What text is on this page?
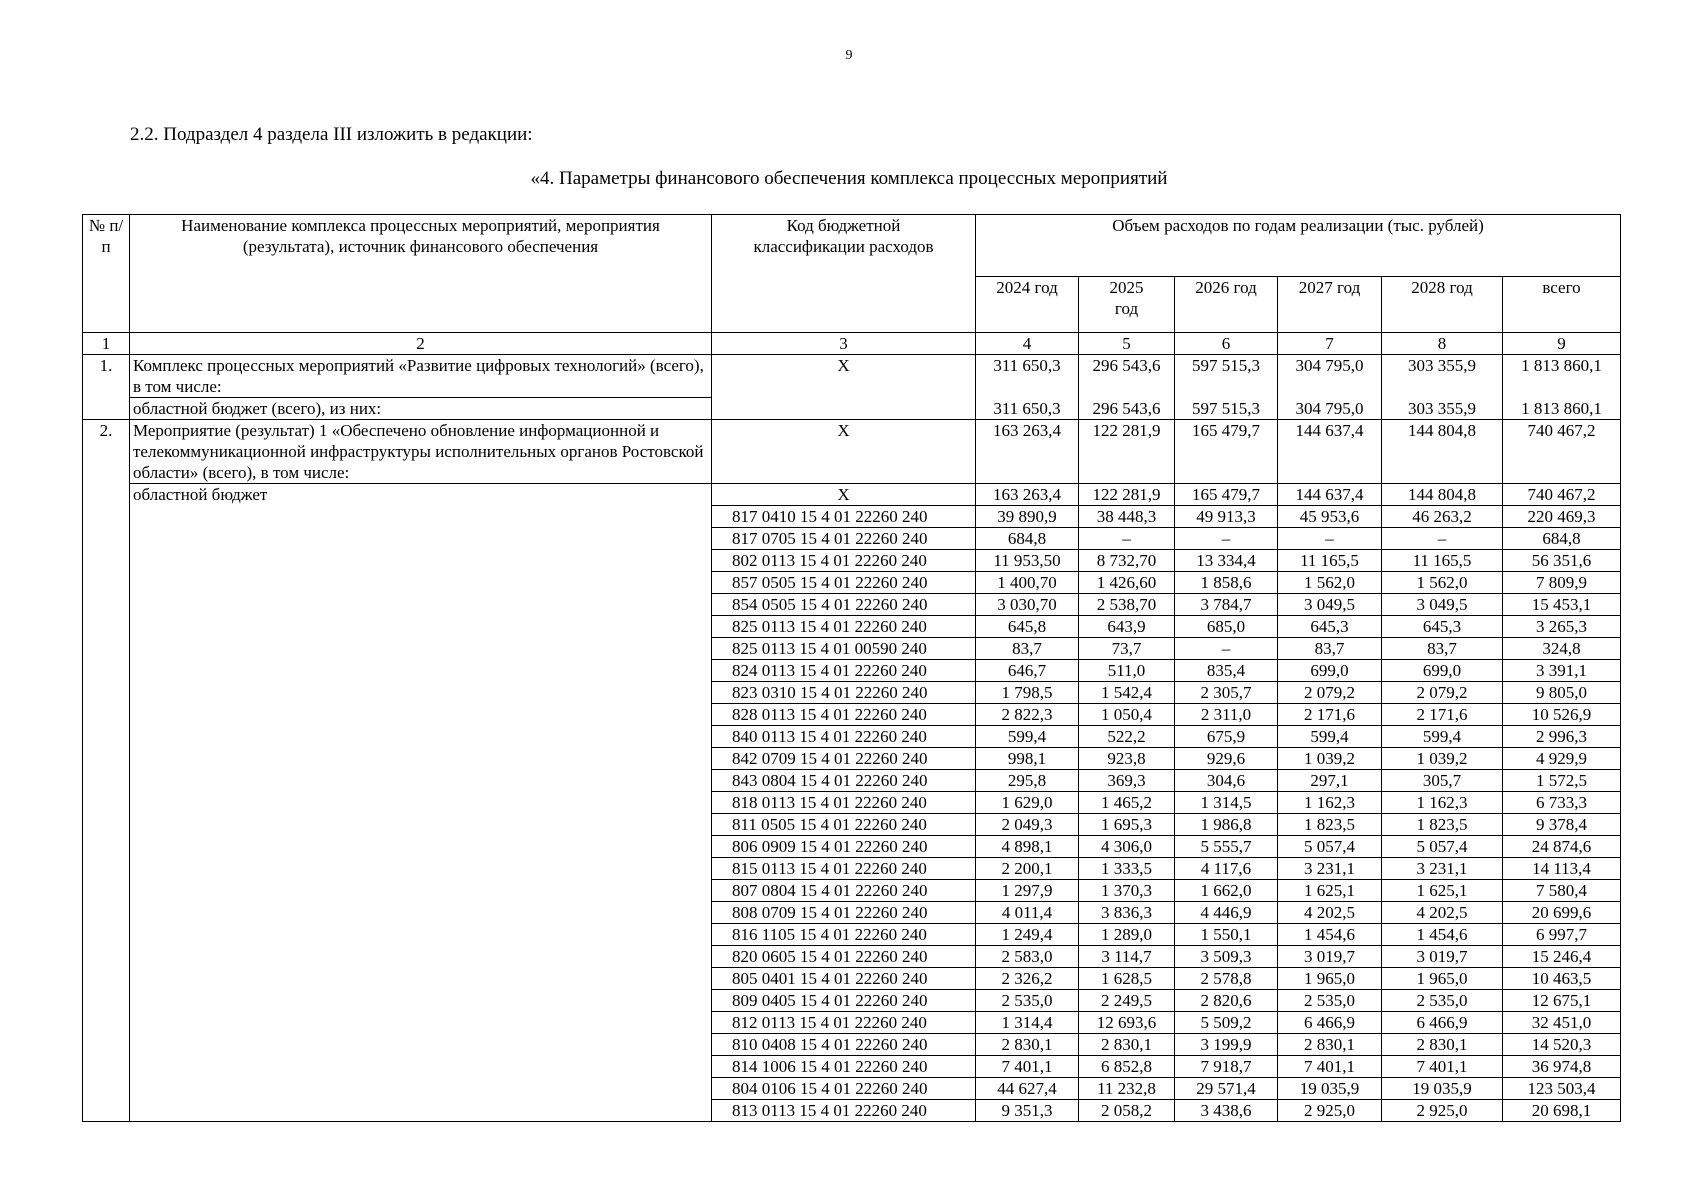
9
2.2. Подраздел 4 раздела III изложить в редакции:
«4. Параметры финансового обеспечения комплекса процессных мероприятий
№ п/п	Наименование комплекса процессных мероприятий, мероприятия (результата), источник финансового обеспечения	Код бюджетной классификации расходов	Объем расходов по годам реализации (тыс. рублей)					
			2024 год	2025 год	2026 год	2027 год	2028 год	всего
1	2	3	4	5	6	7	8	9
1.	Комплекс процессных мероприятий «Развитие цифровых технологий» (всего), в том числе:	X	311 650,3	296 543,6	597 515,3	304 795,0	303 355,9	1 813 860,1
	областной бюджет (всего), из них:		311 650,3	296 543,6	597 515,3	304 795,0	303 355,9	1 813 860,1
2.	Мероприятие (результат) 1 «Обеспечено обновление информационной и телекоммуникационной инфраструктуры исполнительных органов Ростовской области» (всего), в том числе:	X	163 263,4	122 281,9	165 479,7	144 637,4	144 804,8	740 467,2
	областной бюджет	X	163 263,4	122 281,9	165 479,7	144 637,4	144 804,8	740 467,2
		817 0410 15 4 01 22260 240	39 890,9	38 448,3	49 913,3	45 953,6	46 263,2	220 469,3
		817 0705 15 4 01 22260 240	684,8	–	–	–	–	684,8
		802 0113 15 4 01 22260 240	11 953,50	8 732,70	13 334,4	11 165,5	11 165,5	56 351,6
		857 0505 15 4 01 22260 240	1 400,70	1 426,60	1 858,6	1 562,0	1 562,0	7 809,9
		854 0505 15 4 01 22260 240	3 030,70	2 538,70	3 784,7	3 049,5	3 049,5	15 453,1
		825 0113 15 4 01 22260 240	645,8	643,9	685,0	645,3	645,3	3 265,3
		825 0113 15 4 01 00590 240	83,7	73,7	–	83,7	83,7	324,8
		824 0113 15 4 01 22260 240	646,7	511,0	835,4	699,0	699,0	3 391,1
		823 0310 15 4 01 22260 240	1 798,5	1 542,4	2 305,7	2 079,2	2 079,2	9 805,0
		828 0113 15 4 01 22260 240	2 822,3	1 050,4	2 311,0	2 171,6	2 171,6	10 526,9
		840 0113 15 4 01 22260 240	599,4	522,2	675,9	599,4	599,4	2 996,3
		842 0709 15 4 01 22260 240	998,1	923,8	929,6	1 039,2	1 039,2	4 929,9
		843 0804 15 4 01 22260 240	295,8	369,3	304,6	297,1	305,7	1 572,5
		818 0113 15 4 01 22260 240	1 629,0	1 465,2	1 314,5	1 162,3	1 162,3	6 733,3
		811 0505 15 4 01 22260 240	2 049,3	1 695,3	1 986,8	1 823,5	1 823,5	9 378,4
		806 0909 15 4 01 22260 240	4 898,1	4 306,0	5 555,7	5 057,4	5 057,4	24 874,6
		815 0113 15 4 01 22260 240	2 200,1	1 333,5	4 117,6	3 231,1	3 231,1	14 113,4
		807 0804 15 4 01 22260 240	1 297,9	1 370,3	1 662,0	1 625,1	1 625,1	7 580,4
		808 0709 15 4 01 22260 240	4 011,4	3 836,3	4 446,9	4 202,5	4 202,5	20 699,6
		816 1105 15 4 01 22260 240	1 249,4	1 289,0	1 550,1	1 454,6	1 454,6	6 997,7
		820 0605 15 4 01 22260 240	2 583,0	3 114,7	3 509,3	3 019,7	3 019,7	15 246,4
		805 0401 15 4 01 22260 240	2 326,2	1 628,5	2 578,8	1 965,0	1 965,0	10 463,5
		809 0405 15 4 01 22260 240	2 535,0	2 249,5	2 820,6	2 535,0	2 535,0	12 675,1
		812 0113 15 4 01 22260 240	1 314,4	12 693,6	5 509,2	6 466,9	6 466,9	32 451,0
		810 0408 15 4 01 22260 240	2 830,1	2 830,1	3 199,9	2 830,1	2 830,1	14 520,3
		814 1006 15 4 01 22260 240	7 401,1	6 852,8	7 918,7	7 401,1	7 401,1	36 974,8
		804 0106 15 4 01 22260 240	44 627,4	11 232,8	29 571,4	19 035,9	19 035,9	123 503,4
		813 0113 15 4 01 22260 240	9 351,3	2 058,2	3 438,6	2 925,0	2 925,0	20 698,1
